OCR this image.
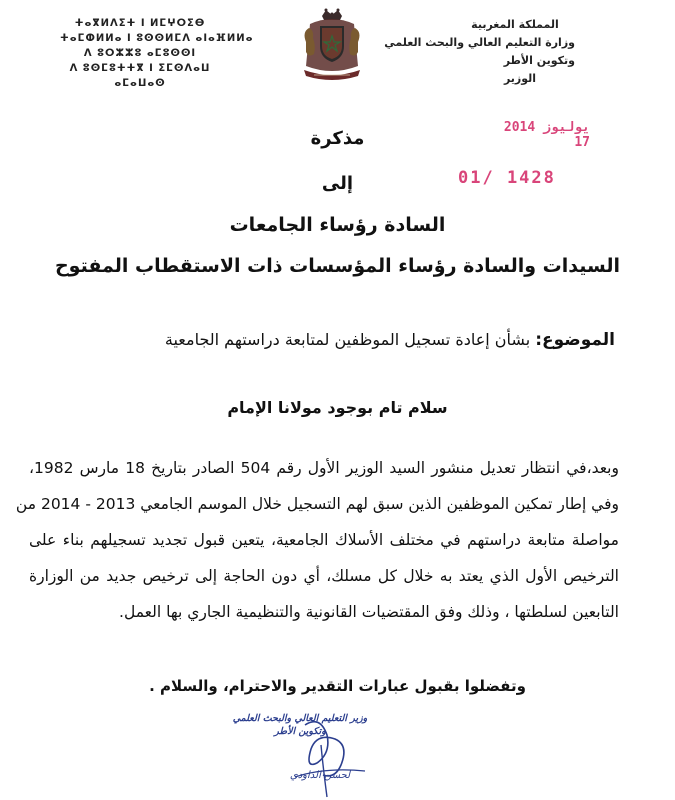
ⵜⴰⴳⵍⴷⵉⵜ ⵏ ⵍⵎⵖⵔⵉⴱ
ⵜⴰⵎⵀⵍⵍⴰ ⵏ ⵓⵙⵙⵍⵎⴷ ⴰⵏⴰⴼⵍⵍⴰ
ⴷ ⵓⵔⵣⵣⵓ ⴰⵎⵓⵙⵙⵏ
ⴷ ⵓⵙⵎⵓⵜⵜⴳ ⵏ ⵉⵎⵙⴷⴰⵡ
ⴰⵎⴰⵡⴰⵙ
المملكة المغربية
وزارة التعليم العالي والبحث العلمي
وتكوين الأطر
الوزير
2014 يوليوز 17
01/ 1428
مذكرة
إلى
السادة رؤساء الجامعات
السيدات والسادة رؤساء المؤسسات ذات الاستقطاب المفتوح
الموضوع: بشأن إعادة تسجيل الموظفين لمتابعة دراستهم الجامعية
سلام تام بوجود مولانا الإمام
وبعد،في انتظار تعديل منشور السيد الوزير الأول رقم 504 الصادر بتاريخ 18 مارس 1982،
وفي إطار تمكين الموظفين الذين سبق لهم التسجيل خلال الموسم الجامعي 2013 - 2014 من
مواصلة متابعة دراستهم في مختلف الأسلاك الجامعية، يتعين قبول تجديد تسجيلهم بناء على
الترخيص الأول الذي يعتد به خلال كل مسلك، أي دون الحاجة إلى ترخيص جديد من الوزارة
التابعين لسلطتها ، وذلك وفق المقتضيات القانونية والتنظيمية الجاري بها العمل.
وتفضلوا بقبول عبارات التقدير والاحترام، والسلام .
وزير التعليم العالي والبحث العلمي
وتكوين الأطر
لحسن الداودي
